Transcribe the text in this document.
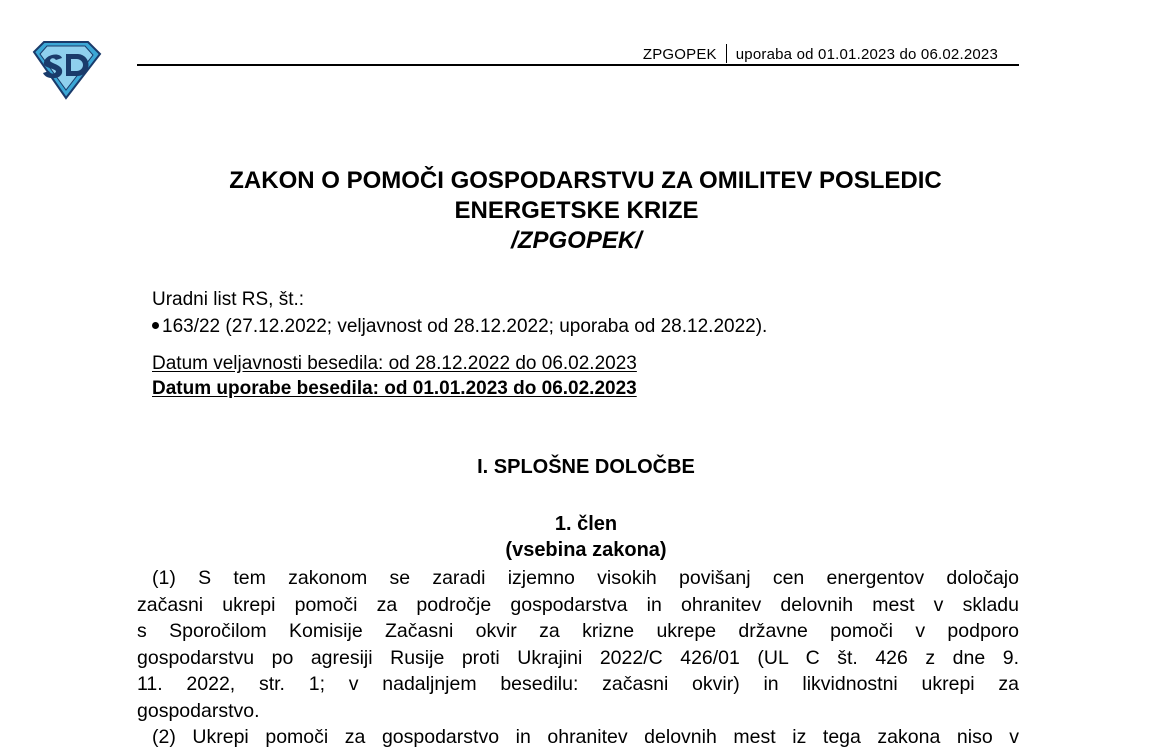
ZPGOPEK uporaba od 01.01.2023 do 06.02.2023
ZAKON O POMOČI GOSPODARSTVU ZA OMILITEV POSLEDIC
ENERGETSKE KRIZE
/ZPGOPEK/
Uradni list RS, št.:
163/22 (27.12.2022; veljavnost od 28.12.2022; uporaba od 28.12.2022).
Datum veljavnosti besedila: od 28.12.2022 do 06.02.2023
Datum uporabe besedila: od 01.01.2023 do 06.02.2023
I. SPLOŠNE DOLOČBE
1. člen
(vsebina zakona)
(1) S tem zakonom se zaradi izjemno visokih povišanj cen energentov določajo
začasni ukrepi pomoči za področje gospodarstva in ohranitev delovnih mest v skladu
s Sporočilom Komisije Začasni okvir za krizne ukrepe državne pomoči v podporo
gospodarstvu po agresiji Rusije proti Ukrajini 2022/C 426/01 (UL C št. 426 z dne 9.
11. 2022, str. 1; v nadaljnjem besedilu: začasni okvir) in likvidnostni ukrepi za
gospodarstvo.
(2) Ukrepi pomoči za gospodarstvo in ohranitev delovnih mest iz tega zakona niso v
